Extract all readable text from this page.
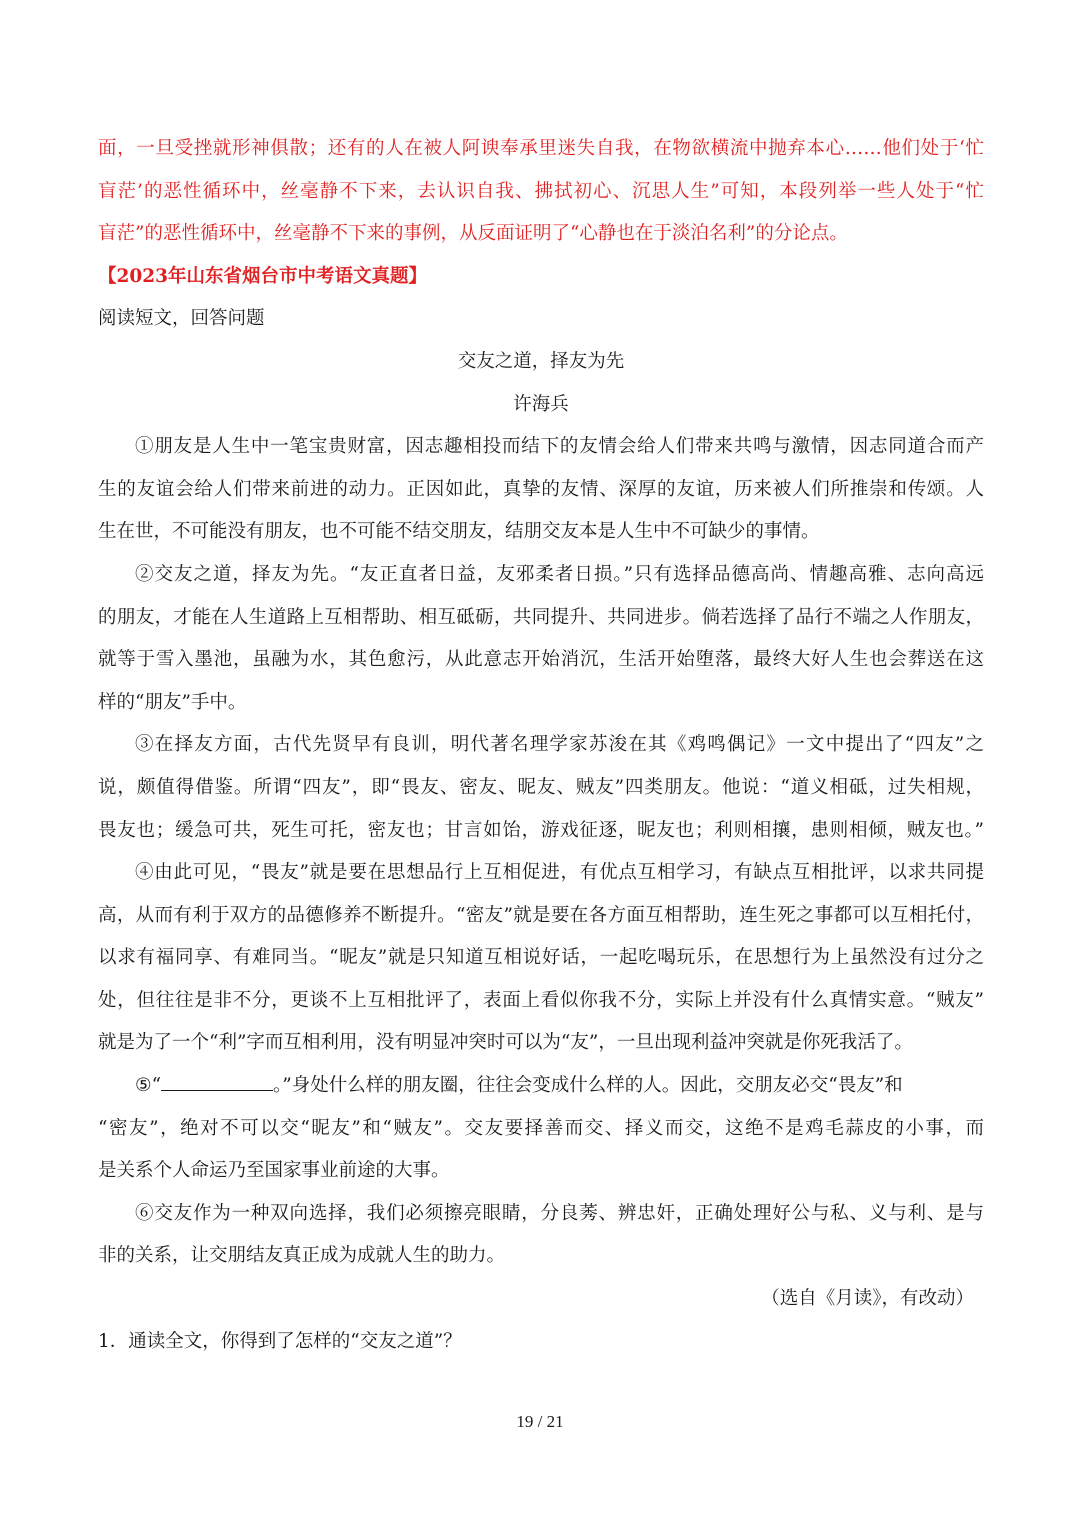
面，一旦受挫就形神俱散；还有的人在被人阿谀奉承里迷失自我，在物欲横流中抛弃本心……他们处于‘忙

盲茫’的恶性循环中，丝毫静不下来，去认识自我、拂拭初心、沉思人生”可知，本段列举一些人处于“忙

盲茫”的恶性循环中，丝毫静不下来的事例，从反面证明了“心静也在于淡泊名利”的分论点。

【2023年山东省烟台市中考语文真题】

阅读短文，回答问题

交友之道，择友为先

许海兵

①朋友是人生中一笔宝贵财富，因志趣相投而结下的友情会给人们带来共鸣与激情，因志同道合而产

生的友谊会给人们带来前进的动力。正因如此，真挚的友情、深厚的友谊，历来被人们所推崇和传颂。人

生在世，不可能没有朋友，也不可能不结交朋友，结朋交友本是人生中不可缺少的事情。

②交友之道，择友为先。“友正直者日益，友邪柔者日损。”只有选择品德高尚、情趣高雅、志向高远

的朋友，才能在人生道路上互相帮助、相互砥砺，共同提升、共同进步。倘若选择了品行不端之人作朋友，

就等于雪入墨池，虽融为水，其色愈污，从此意志开始消沉，生活开始堕落，最终大好人生也会葬送在这

样的“朋友”手中。

③在择友方面，古代先贤早有良训，明代著名理学家苏浚在其《鸡鸣偶记》一文中提出了“四友”之

说，颇值得借鉴。所谓“四友”，即“畏友、密友、昵友、贼友”四类朋友。他说：“道义相砥，过失相规，

畏友也；缓急可共，死生可托，密友也；甘言如饴，游戏征逐，昵友也；利则相攘，患则相倾，贼友也。”

④由此可见，“畏友”就是要在思想品行上互相促进，有优点互相学习，有缺点互相批评，以求共同提

高，从而有利于双方的品德修养不断提升。“密友”就是要在各方面互相帮助，连生死之事都可以互相托付，

以求有福同享、有难同当。“昵友”就是只知道互相说好话，一起吃喝玩乐，在思想行为上虽然没有过分之

处，但往往是非不分，更谈不上互相批评了，表面上看似你我不分，实际上并没有什么真情实意。“贼友”

就是为了一个“利”字而互相利用，没有明显冲突时可以为“友”，一旦出现利益冲突就是你死我活了。

⑤“	。”身处什么样的朋友圈，往往会变成什么样的人。因此，交朋友必交“畏友”和

“密友”，绝对不可以交“昵友”和“贼友”。交友要择善而交、择义而交，这绝不是鸡毛蒜皮的小事，而

是关系个人命运乃至国家事业前途的大事。

⑥交友作为一种双向选择，我们必须擦亮眼睛，分良莠、辨忠奸，正确处理好公与私、义与利、是与

非的关系，让交朋结友真正成为成就人生的助力。

（选自《月读》，有改动）

1．通读全文，你得到了怎样的“交友之道”？

19 / 21
